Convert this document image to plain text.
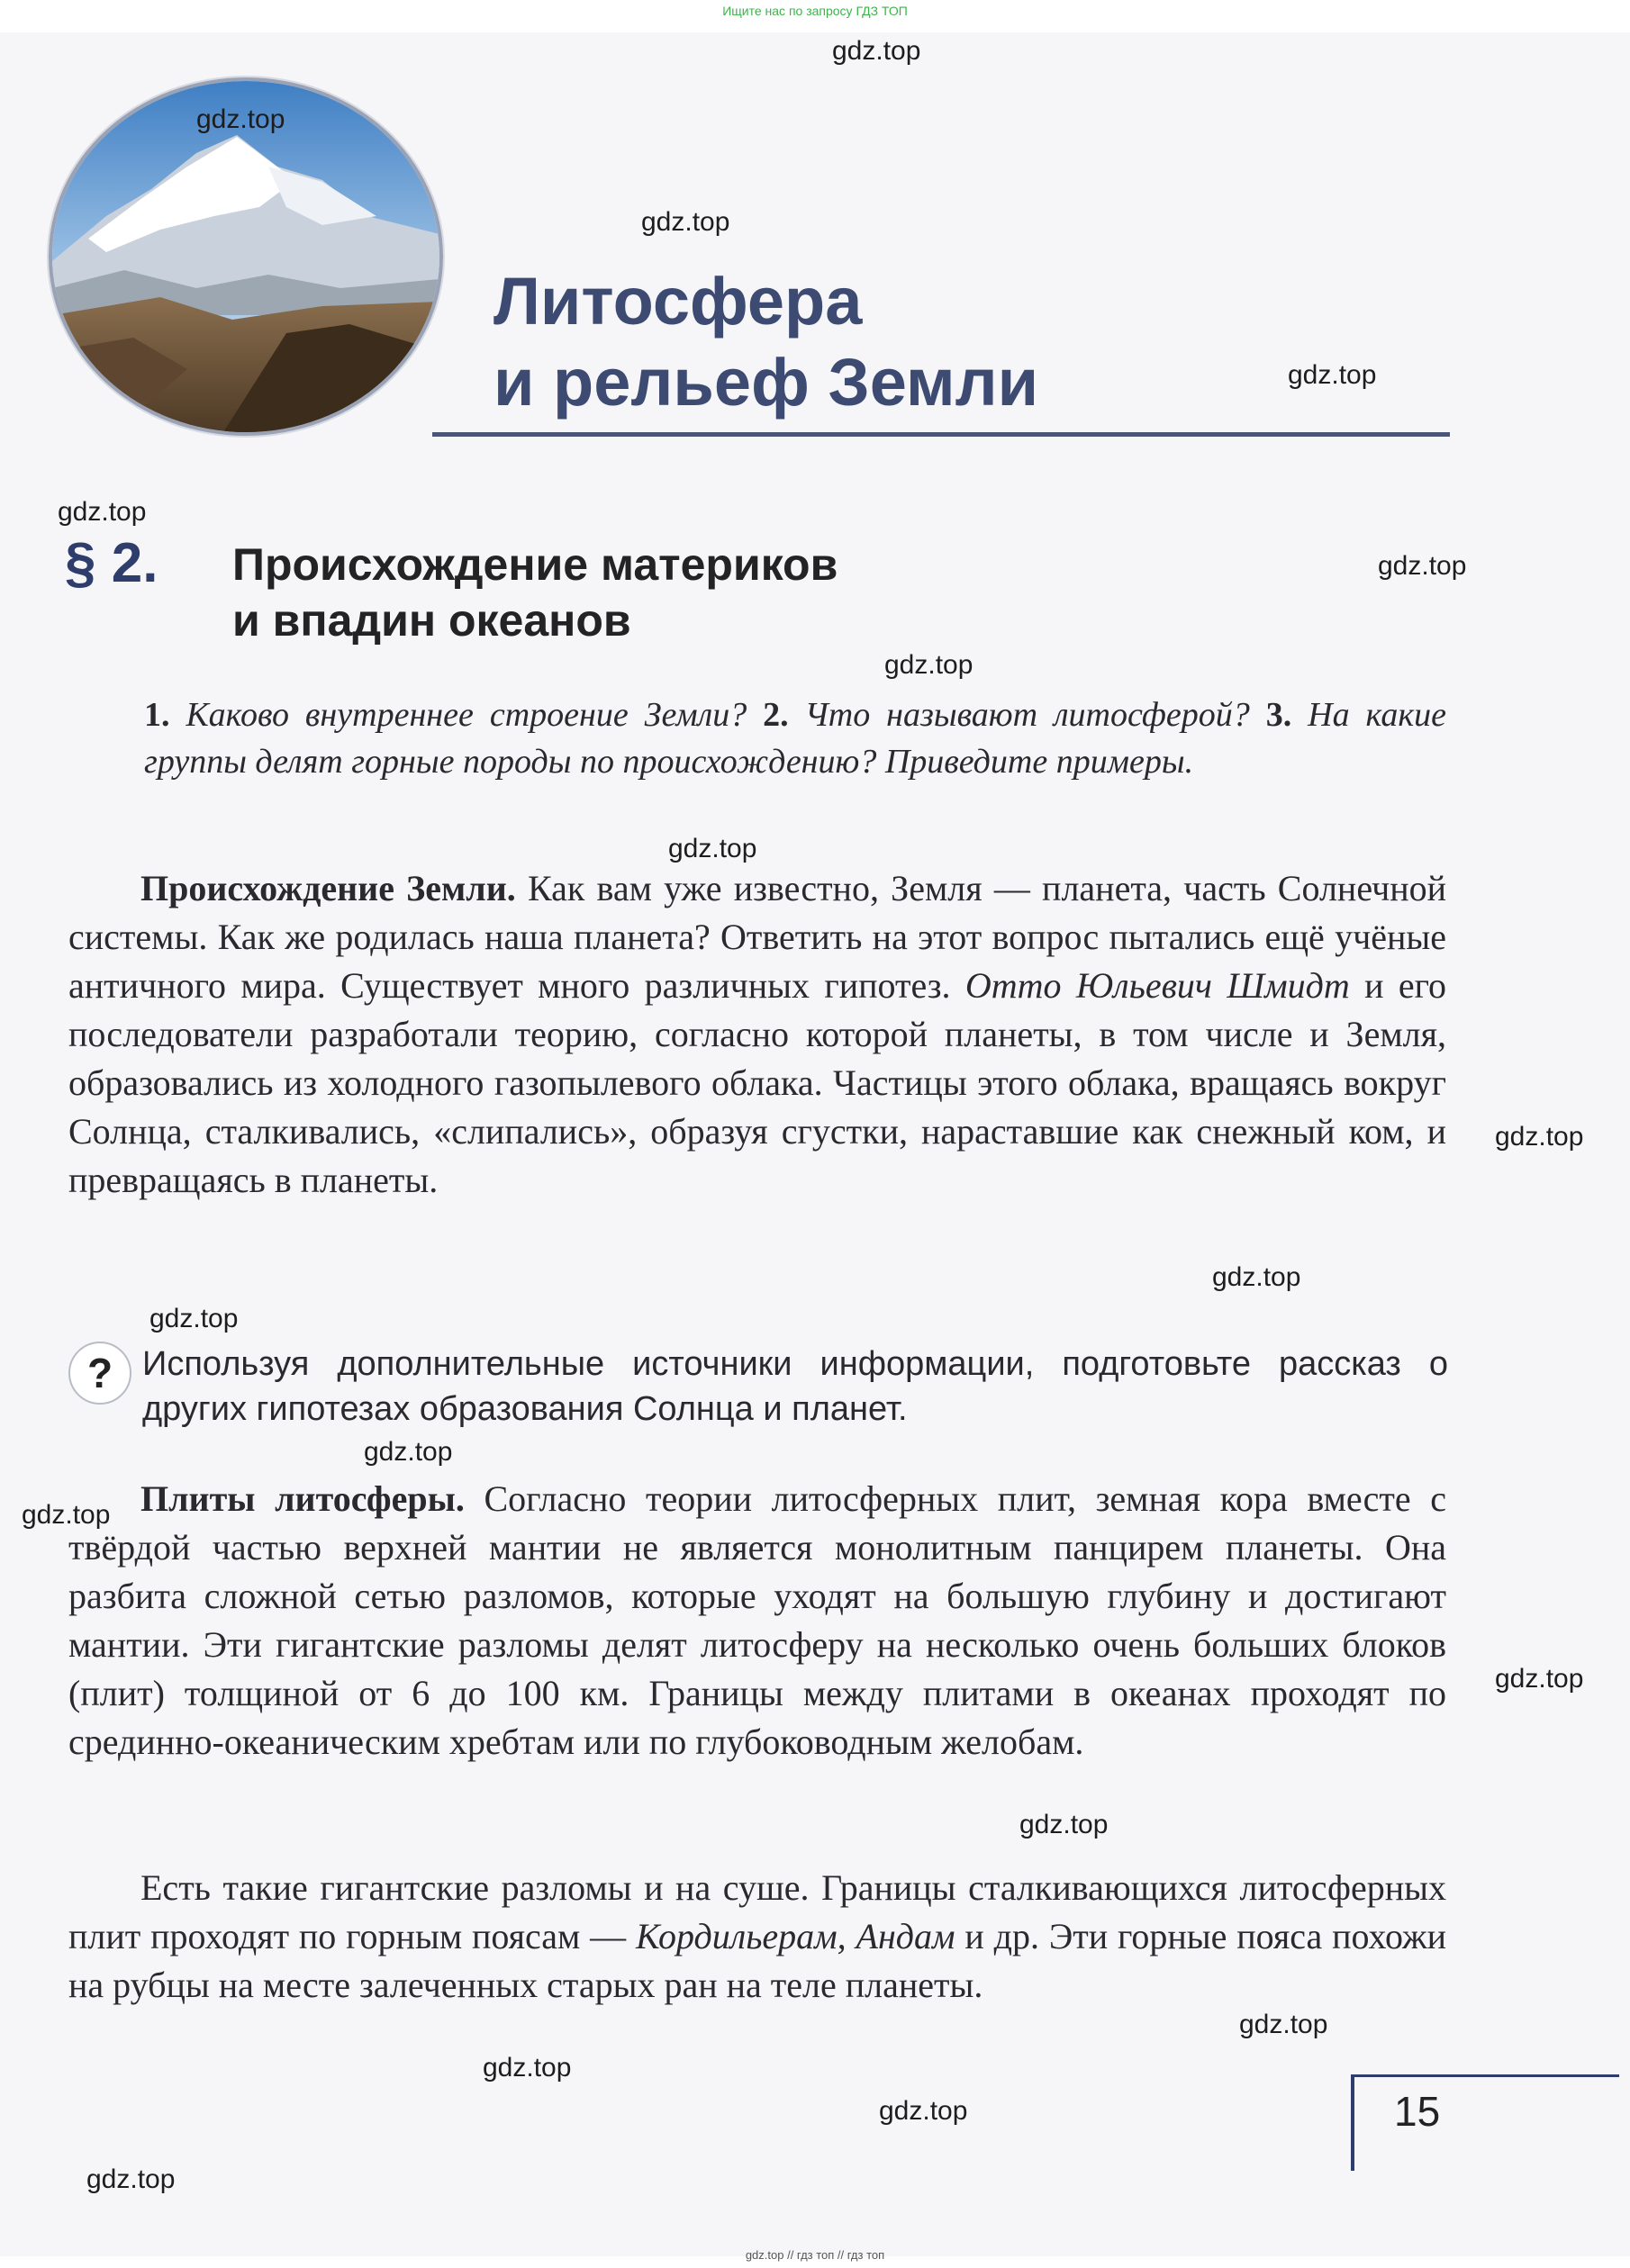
Ищите нас по запросу ГДЗ ТОП
Литосфера
и рельеф Земли
§ 2. Происхождение материков
и впадин океанов

1. Каково внутреннее строение Земли? 2. Что называют литосферой? 3. На какие группы делят горные породы по происхождению? Приведите примеры.

Происхождение Земли. Как вам уже известно, Земля — планета, часть Солнечной системы. Как же родилась наша планета? Ответить на этот вопрос пытались ещё учёные античного мира. Существует много различных гипотез. Отто Юльевич Шмидт и его последователи разработали теорию, согласно которой планеты, в том числе и Земля, образовались из холодного газопылевого облака. Частицы этого облака, вращаясь вокруг Солнца, сталкивались, «слипались», образуя сгустки, нараставшие как снежный ком, и превращаясь в планеты.

? Используя дополнительные источники информации, подготовьте рассказ о других гипотезах образования Солнца и планет.

Плиты литосферы. Согласно теории литосферных плит, земная кора вместе с твёрдой частью верхней мантии не является монолитным панцирем планеты. Она разбита сложной сетью разломов, которые уходят на большую глубину и достигают мантии. Эти гигантские разломы делят литосферу на несколько очень больших блоков (плит) толщиной от 6 до 100 км. Границы между плитами в океанах проходят по срединно-океаническим хребтам или по глубоководным желобам.

Есть такие гигантские разломы и на суше. Границы сталкивающихся литосферных плит проходят по горным поясам — Кордильерам, Андам и др. Эти горные пояса похожи на рубцы на месте залеченных старых ран на теле планеты.

15
gdz.top
gdz.top
gdz.top
gdz.top
gdz.top
gdz.top
gdz.top
gdz.top
gdz.top
gdz.top
gdz.top
gdz.top
gdz.top
gdz.top
gdz.top
gdz.top
gdz.top
gdz.top
gdz.top
gdz.top // гдз топ // гдз топ
